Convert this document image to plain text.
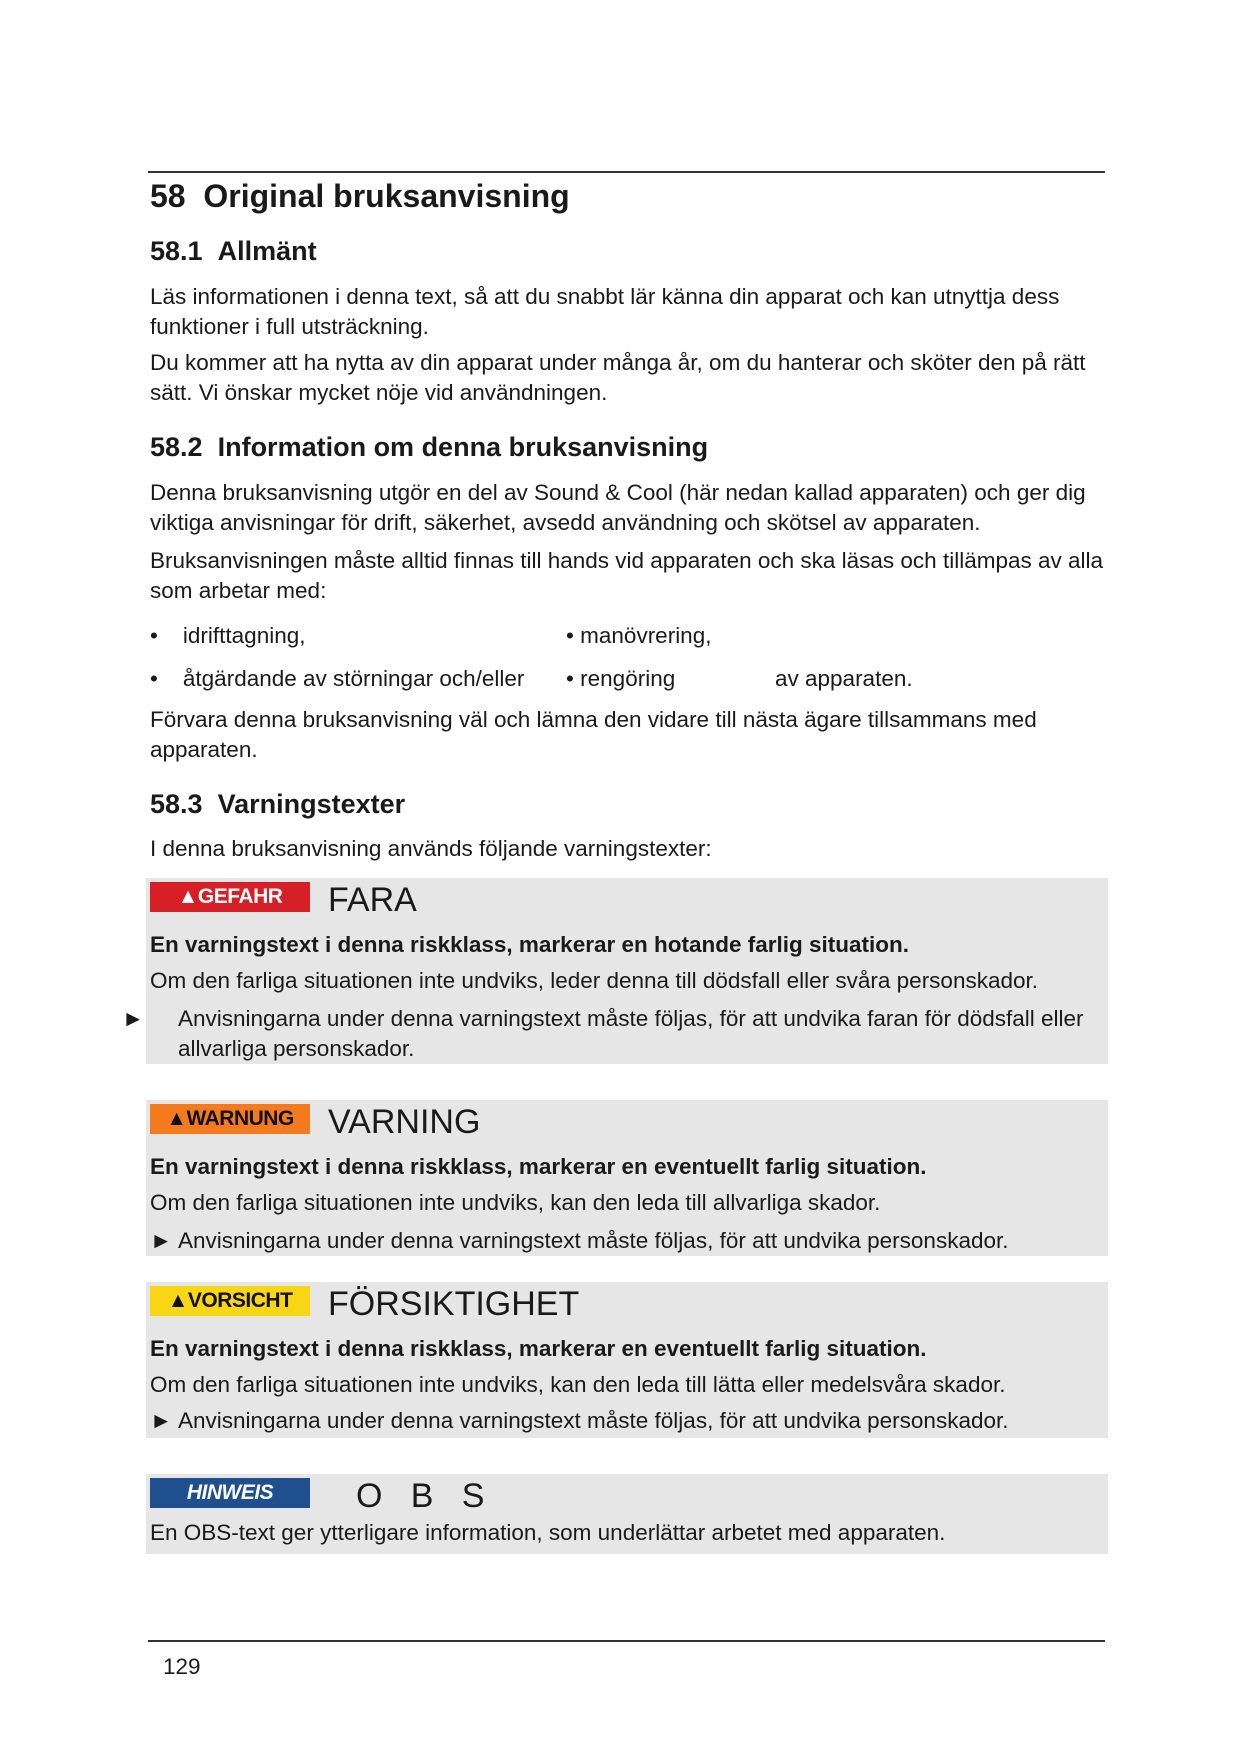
58 Original bruksanvisning
58.1 Allmänt

Läs informationen i denna text, så att du snabbt lär känna din apparat och kan utnyttja dess funktioner i full utsträckning.

Du kommer att ha nytta av din apparat under många år, om du hanterar och sköter den på rätt sätt. Vi önskar mycket nöje vid användningen.

58.2 Information om denna bruksanvisning

Denna bruksanvisning utgör en del av Sound & Cool (här nedan kallad apparaten) och ger dig viktiga anvisningar för drift, säkerhet, avsedd användning och skötsel av apparaten.

Bruksanvisningen måste alltid finnas till hands vid apparaten och ska läsas och tillämpas av alla som arbetar med:

• idrifttagning,	• manövrering,
• åtgärdande av störningar och/eller • rengöring	av apparaten.

Förvara denna bruksanvisning väl och lämna den vidare till nästa ägare tillsammans med apparaten.

58.3 Varningstexter

I denna bruksanvisning används följande varningstexter:

▲GEFAHR	FARA
En varningstext i denna riskklass, markerar en hotande farlig situation.
Om den farliga situationen inte undviks, leder denna till dödsfall eller svåra personskador.
► Anvisningarna under denna varningstext måste följas, för att undvika faran för dödsfall eller allvarliga personskador.
▲WARNUNG	VARNING
En varningstext i denna riskklass, markerar en eventuellt farlig situation.
Om den farliga situationen inte undviks, kan den leda till allvarliga skador.
► Anvisningarna under denna varningstext måste följas, för att undvika personskador.
▲VORSICHT	FÖRSIKTIGHET
En varningstext i denna riskklass, markerar en eventuellt farlig situation.
Om den farliga situationen inte undviks, kan den leda till lätta eller medelsvåra skador.
► Anvisningarna under denna varningstext måste följas, för att undvika personskador.
HINWEIS	O   B   S
En OBS-text ger ytterligare information, som underlättar arbetet med apparaten.
129
